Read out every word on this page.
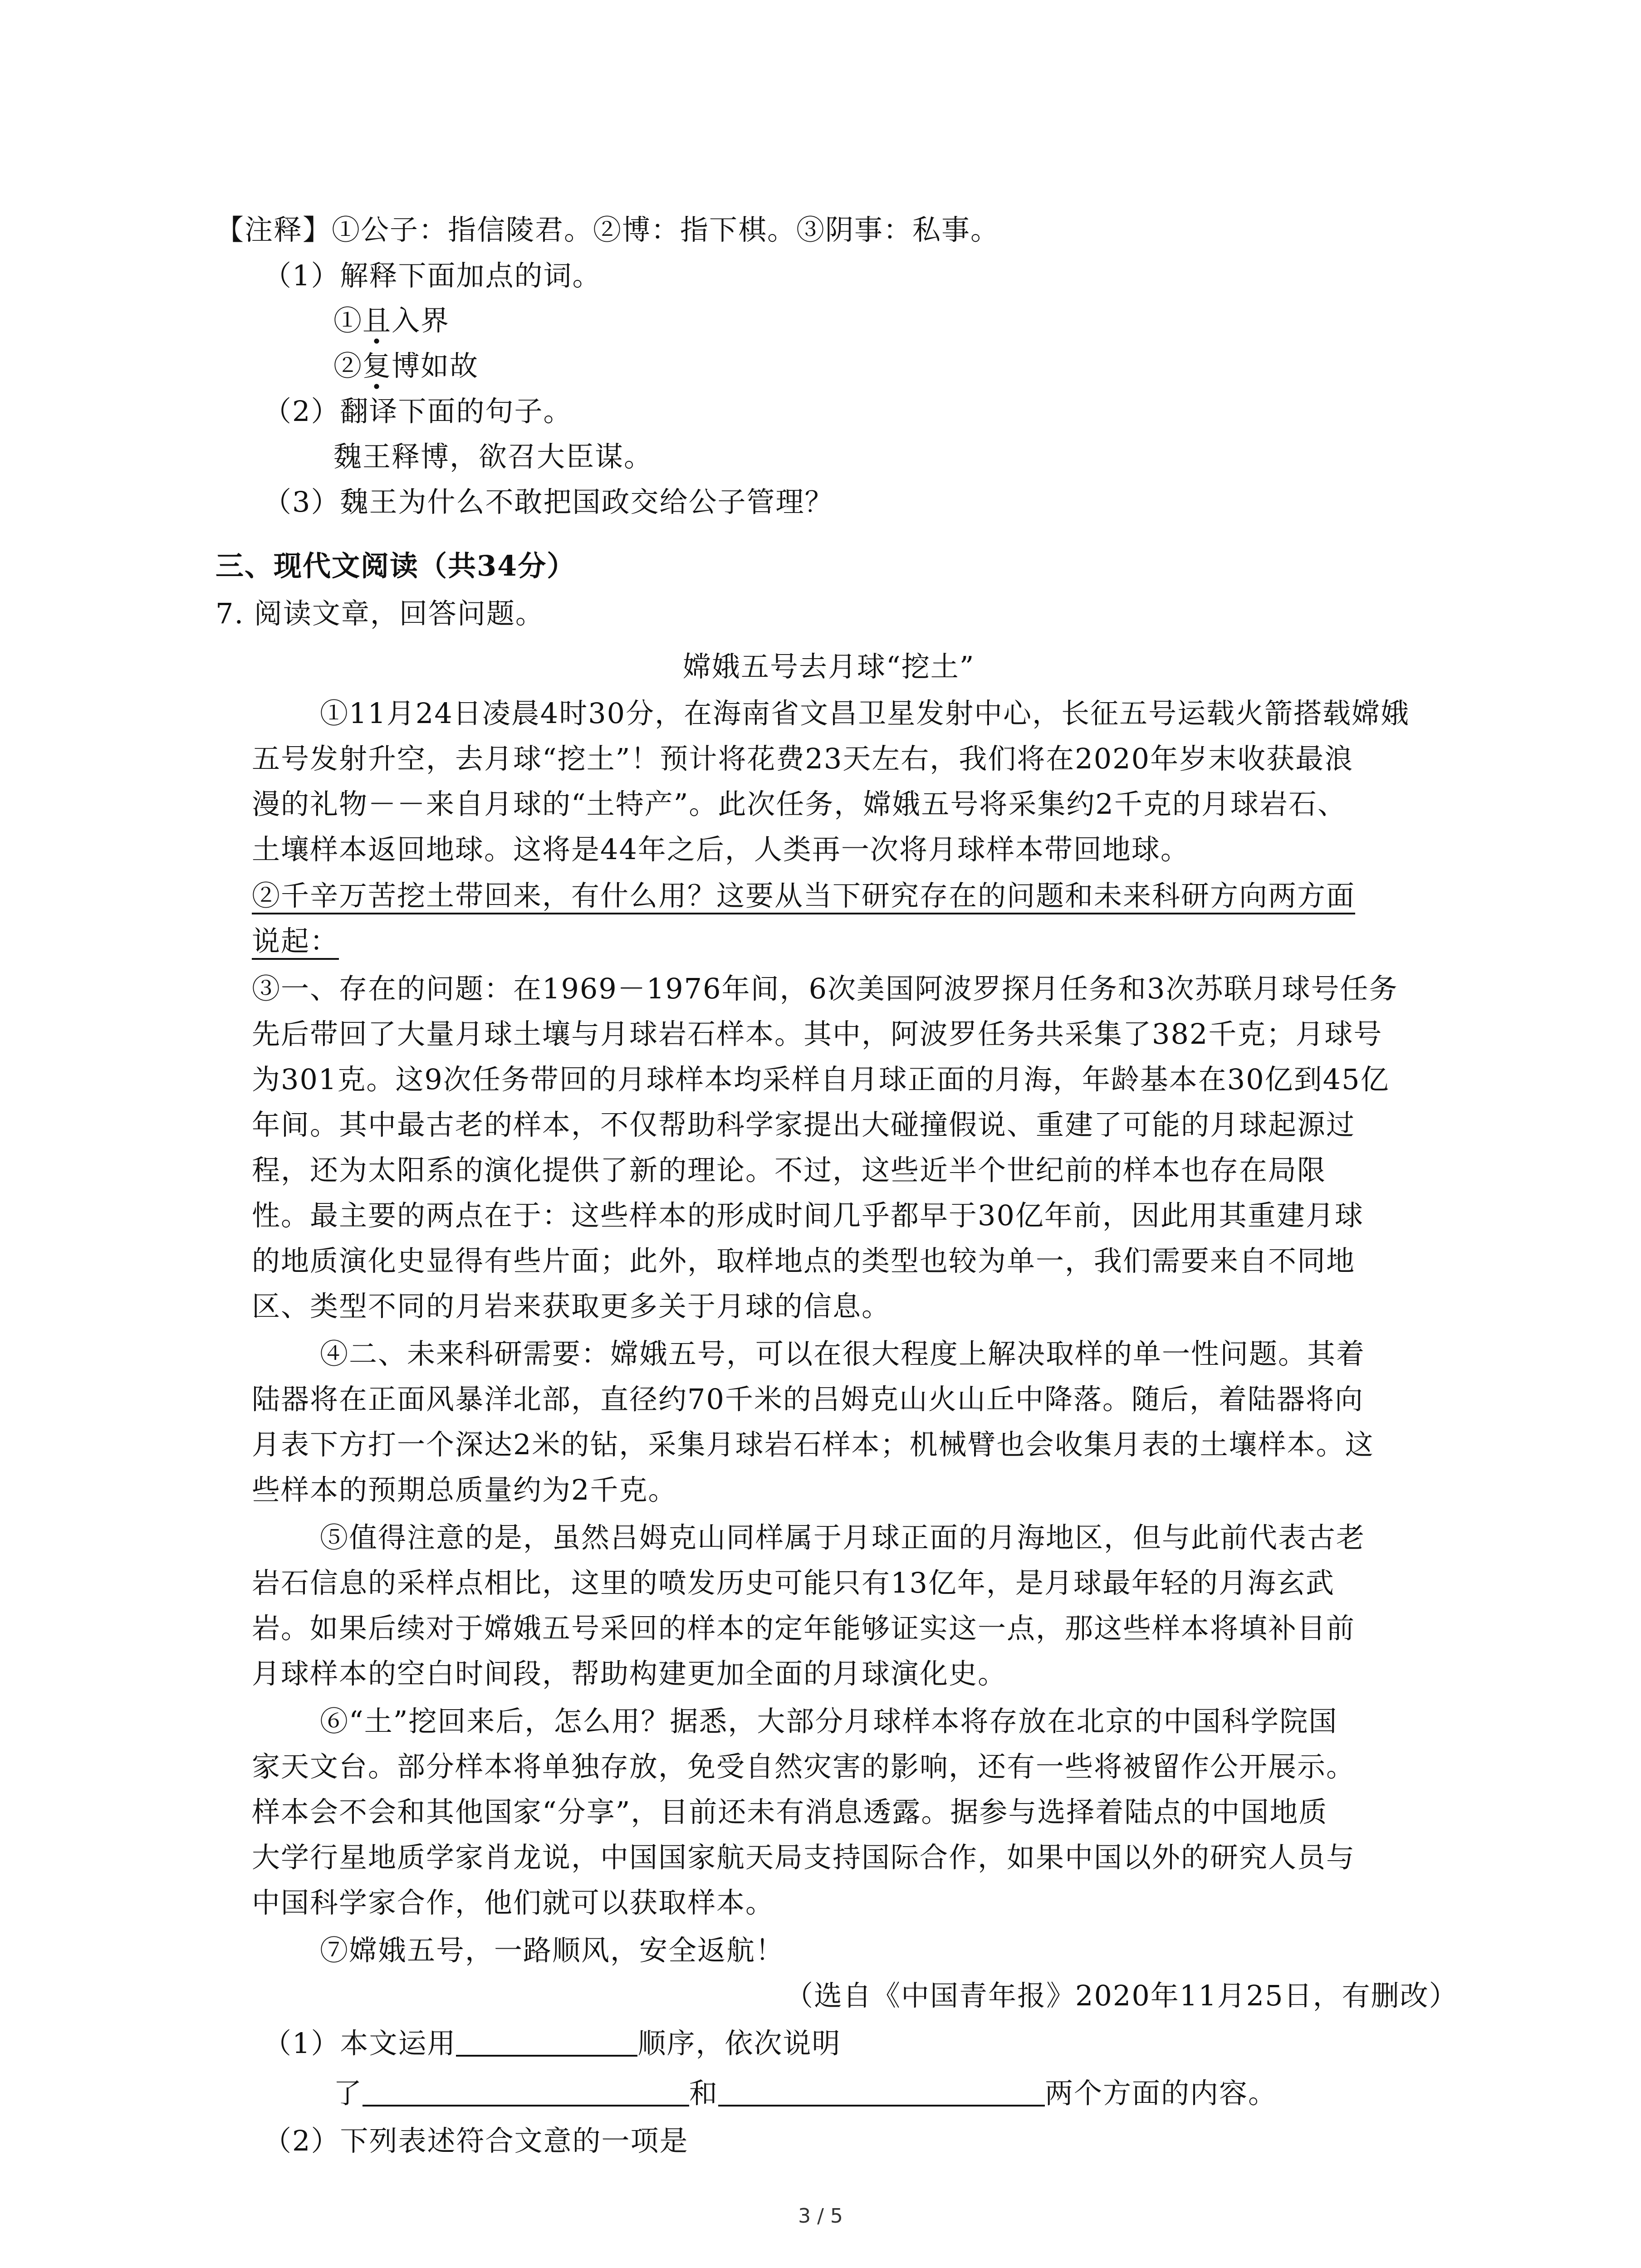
【注释】①公子：指信陵君。②博：指下棋。③阴事：私事。
（1）解释下面加点的词。
①且入界
②复博如故
（2）翻译下面的句子。
魏王释博，欲召大臣谋。
（3）魏王为什么不敢把国政交给公子管理？
三、现代文阅读（共34分）
7. 阅读文章，回答问题。
嫦娥五号去月球“挖土”
①11月24日凌晨4时30分，在海南省文昌卫星发射中心，长征五号运载火箭搭载嫦娥
五号发射升空，去月球“挖土”！预计将花费23天左右，我们将在2020年岁末收获最浪
漫的礼物－－来自月球的“土特产”。此次任务，嫦娥五号将采集约2千克的月球岩石、
土壤样本返回地球。这将是44年之后，人类再一次将月球样本带回地球。
②千辛万苦挖土带回来，有什么用？这要从当下研究存在的问题和未来科研方向两方面
说起：
③一、存在的问题：在1969－1976年间，6次美国阿波罗探月任务和3次苏联月球号任务
先后带回了大量月球土壤与月球岩石样本。其中，阿波罗任务共采集了382千克；月球号
为301克。这9次任务带回的月球样本均采样自月球正面的月海，年龄基本在30亿到45亿
年间。其中最古老的样本，不仅帮助科学家提出大碰撞假说、重建了可能的月球起源过
程，还为太阳系的演化提供了新的理论。不过，这些近半个世纪前的样本也存在局限
性。最主要的两点在于：这些样本的形成时间几乎都早于30亿年前，因此用其重建月球
的地质演化史显得有些片面；此外，取样地点的类型也较为单一，我们需要来自不同地
区、类型不同的月岩来获取更多关于月球的信息。
④二、未来科研需要：嫦娥五号，可以在很大程度上解决取样的单一性问题。其着
陆器将在正面风暴洋北部，直径约70千米的吕姆克山火山丘中降落。随后，着陆器将向
月表下方打一个深达2米的钻，采集月球岩石样本；机械臂也会收集月表的土壤样本。这
些样本的预期总质量约为2千克。
⑤值得注意的是，虽然吕姆克山同样属于月球正面的月海地区，但与此前代表古老
岩石信息的采样点相比，这里的喷发历史可能只有13亿年，是月球最年轻的月海玄武
岩。如果后续对于嫦娥五号采回的样本的定年能够证实这一点，那这些样本将填补目前
月球样本的空白时间段，帮助构建更加全面的月球演化史。
⑥“土”挖回来后，怎么用？据悉，大部分月球样本将存放在北京的中国科学院国
家天文台。部分样本将单独存放，免受自然灾害的影响，还有一些将被留作公开展示。
样本会不会和其他国家“分享”，目前还未有消息透露。据参与选择着陆点的中国地质
大学行星地质学家肖龙说，中国国家航天局支持国际合作，如果中国以外的研究人员与
中国科学家合作，他们就可以获取样本。
⑦嫦娥五号，一路顺风，安全返航！
（选自《中国青年报》2020年11月25日，有删改）
（1）本文运用	顺序，依次说明
了	和	两个方面的内容。
（2）下列表述符合文意的一项是
3 / 5
